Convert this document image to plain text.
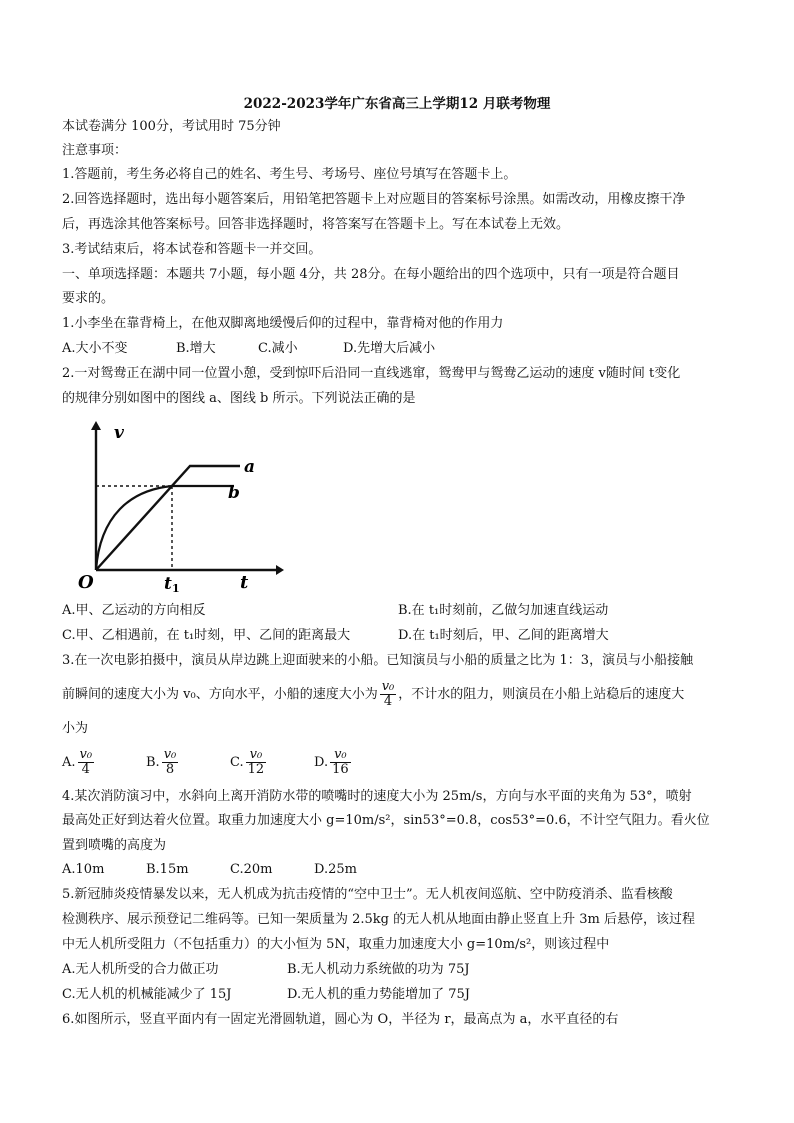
2022-2023学年广东省高三上学期12 月联考物理
本试卷满分 100分，考试用时 75分钟
注意事项：
1.答题前，考生务必将自己的姓名、考生号、考场号、座位号填写在答题卡上。
2.回答选择题时，选出每小题答案后，用铅笔把答题卡上对应题目的答案标号涂黑。如需改动，用橡皮擦干净
后，再选涂其他答案标号。回答非选择题时，将答案写在答题卡上。写在本试卷上无效。
3.考试结束后，将本试卷和答题卡一并交回。
一、单项选择题：本题共 7小题，每小题 4分，共 28分。在每小题给出的四个选项中，只有一项是符合题目
要求的。
1.小李坐在靠背椅上，在他双脚离地缓慢后仰的过程中，靠背椅对他的作用力
A.大小不变	B.增大	C.减小	D.先增大后减小
2.一对鸳鸯正在湖中同一位置小憩，受到惊吓后沿同一直线逃窜，鸳鸯甲与鸳鸯乙运动的速度 v随时间 t变化
的规律分别如图中的图线 a、图线 b 所示。下列说法正确的是
v
O	t 1	t
a
b
A.甲、乙运动的方向相反	B.在 t₁时刻前，乙做匀加速直线运动
C.甲、乙相遇前，在 t₁时刻，甲、乙间的距离最大	D.在 t₁时刻后，甲、乙间的距离增大
3.在一次电影拍摄中，演员从岸边跳上迎面驶来的小船。已知演员与小船的质量之比为 1：3，演员与小船接触
前瞬间的速度大小为 v₀、方向水平，小船的速度大小为 $\frac{\text{v₀}}{4}$ ，不计水的阻力，则演员在小船上站稳后的速度大
小为
A. $\frac{\text{v₀}}{4}$	B. $\frac{\text{v₀}}{8}$	C. $\frac{\text{v₀}}{12}$	D. $\frac{\text{v₀}}{16}$
4.某次消防演习中，水斜向上离开消防水带的喷嘴时的速度大小为 25m/s，方向与水平面的夹角为 53°，喷射
最高处正好到达着火位置。取重力加速度大小 g=10m/s²，sin53°=0.8，cos53°=0.6，不计空气阻力。看火位
置到喷嘴的高度为
A.10m	B.15m	C.20m	D.25m
5.新冠肺炎疫情暴发以来，无人机成为抗击疫情的“空中卫士”。无人机夜间巡航、空中防疫消杀、监看核酸
检测秩序、展示预登记二维码等。已知一架质量为 2.5kg 的无人机从地面由静止竖直上升 3m 后悬停，该过程
中无人机所受阻力（不包括重力）的大小恒为 5N，取重力加速度大小 g=10m/s²，则该过程中
A.无人机所受的合力做正功	B.无人机动力系统做的功为 75J
C.无人机的机械能减少了 15J	D.无人机的重力势能增加了 75J
6.如图所示，竖直平面内有一固定光滑圆轨道，圆心为 O，半径为 r，最高点为 a，水平直径的右
